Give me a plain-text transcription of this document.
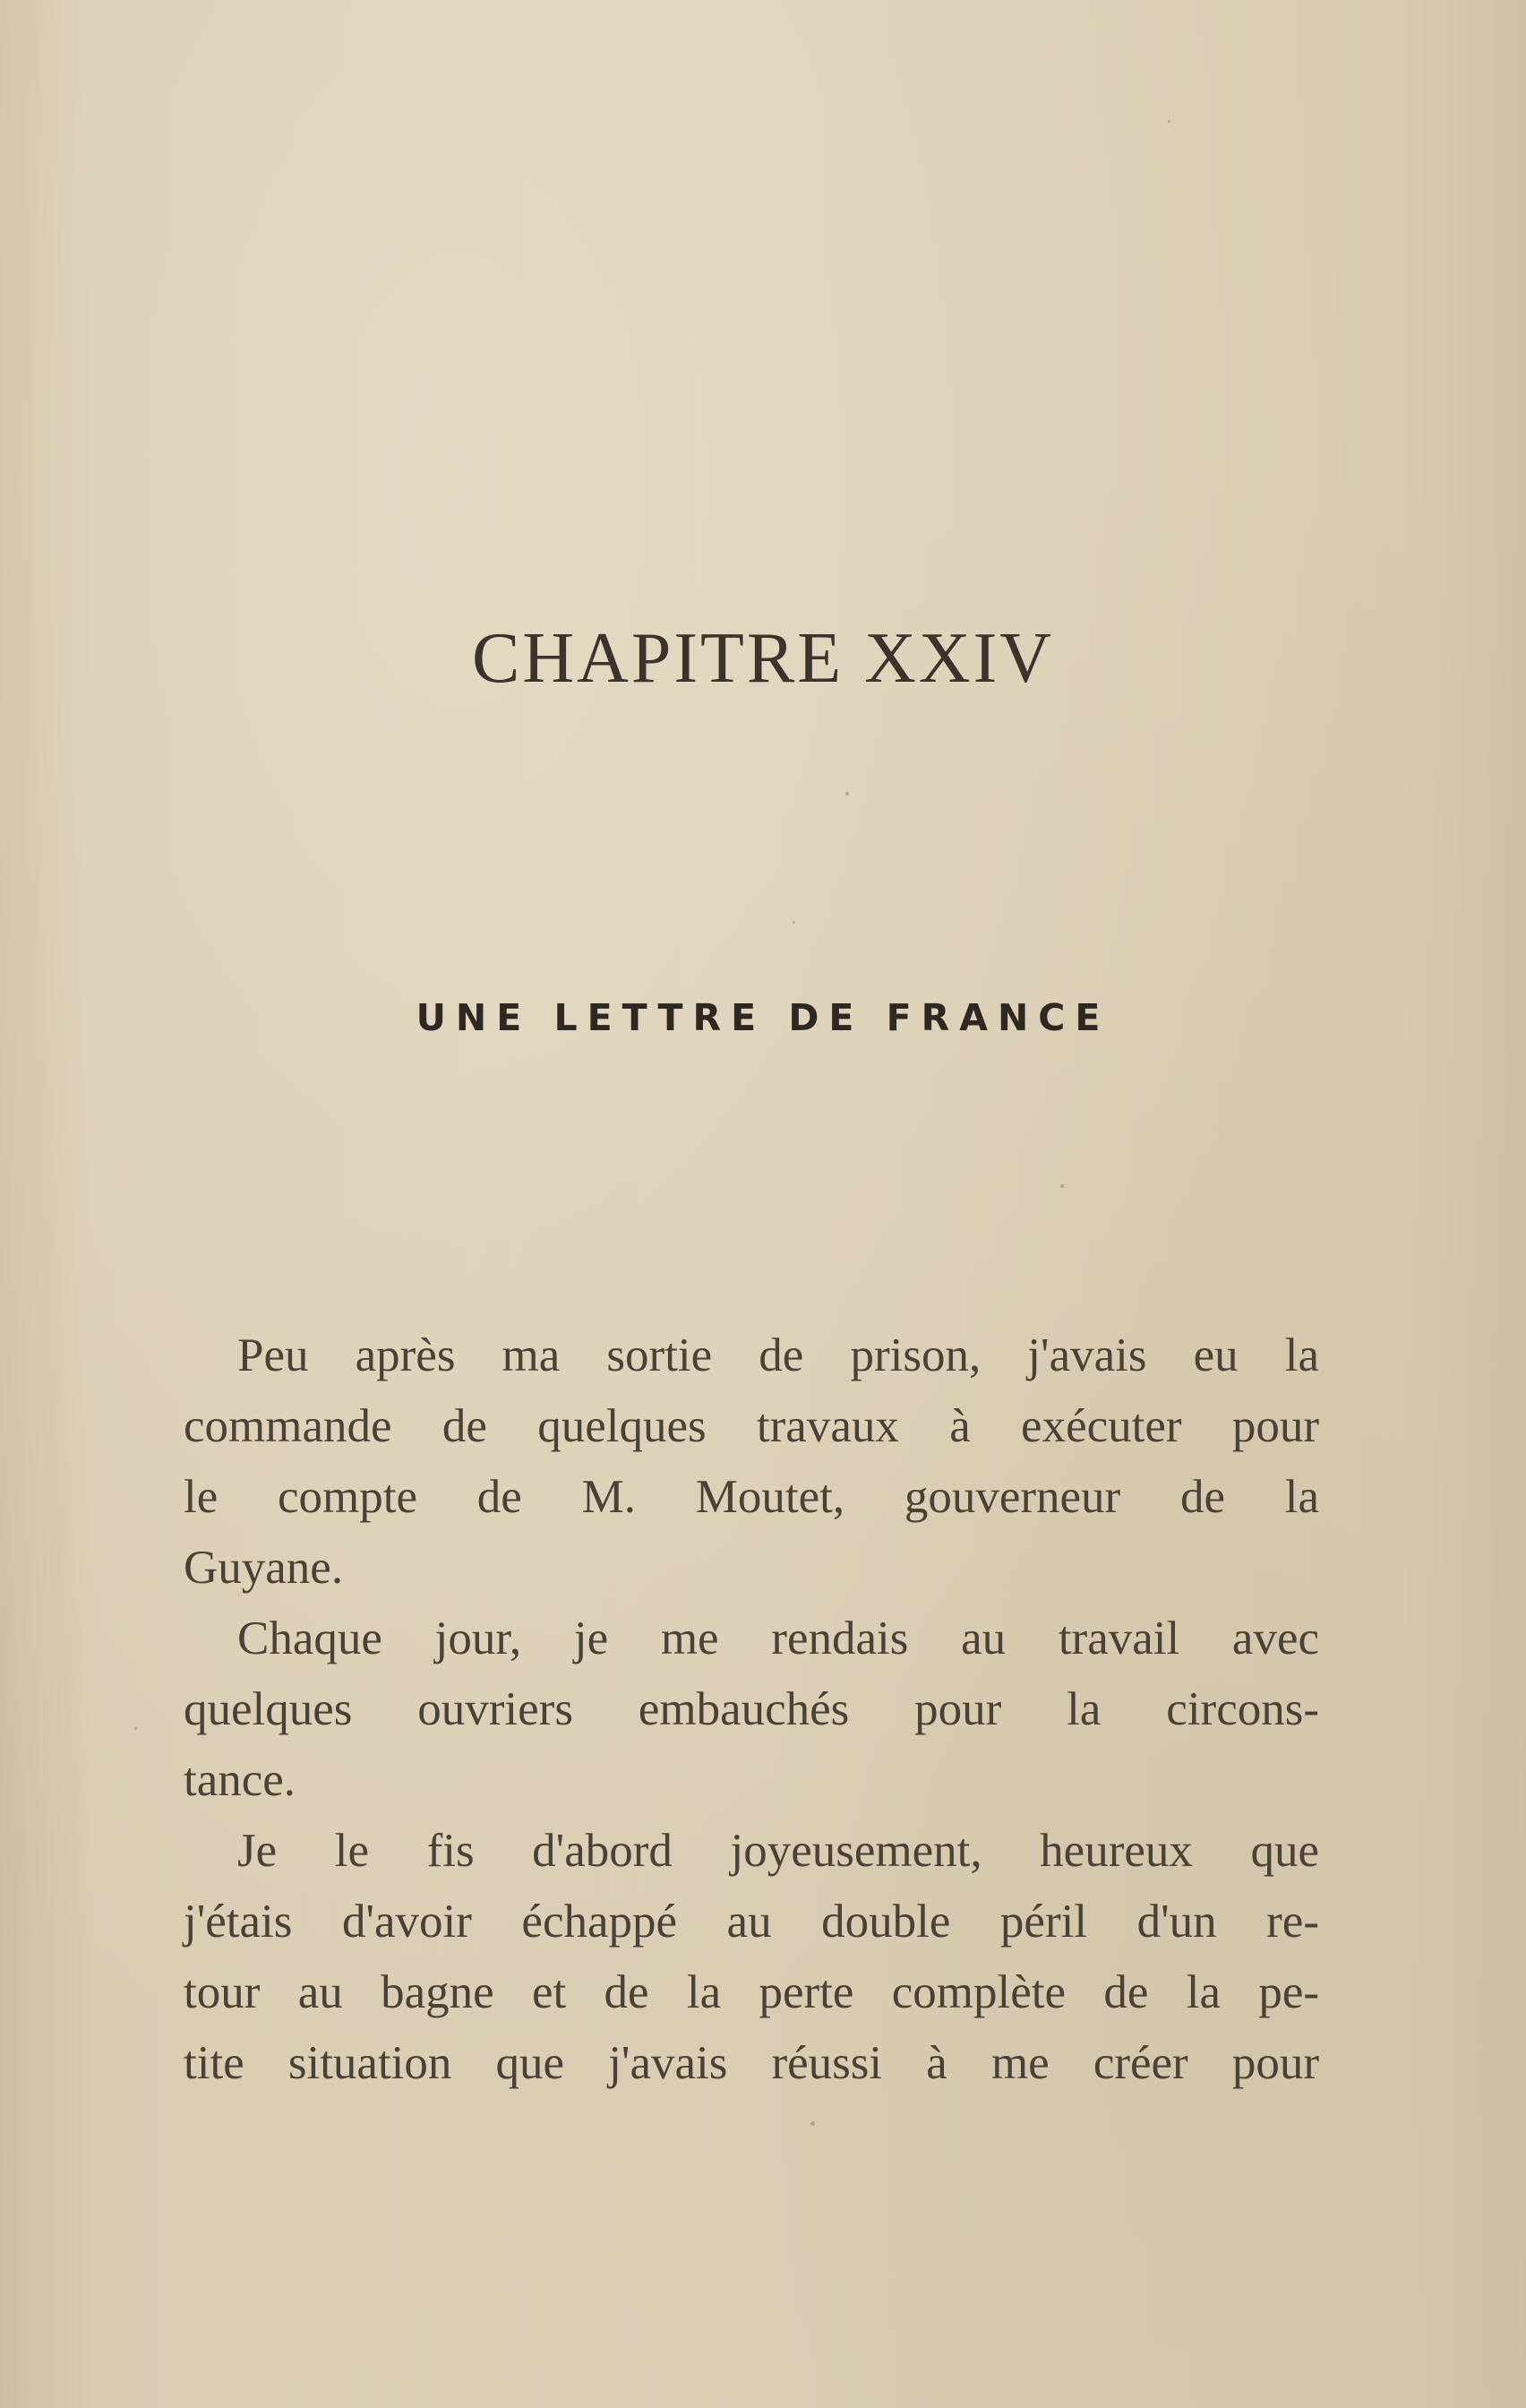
CHAPITRE XXIV
UNE LETTRE DE FRANCE
Peu après ma sortie de prison, j'avais eu la
commande de quelques travaux à exécuter pour
le compte de M. Moutet, gouverneur de la
Guyane.
Chaque jour, je me rendais au travail avec
quelques ouvriers embauchés pour la circons-
tance.
Je le fis d'abord joyeusement, heureux que
j'étais d'avoir échappé au double péril d'un re-
tour au bagne et de la perte complète de la pe-
tite situation que j'avais réussi à me créer pour
